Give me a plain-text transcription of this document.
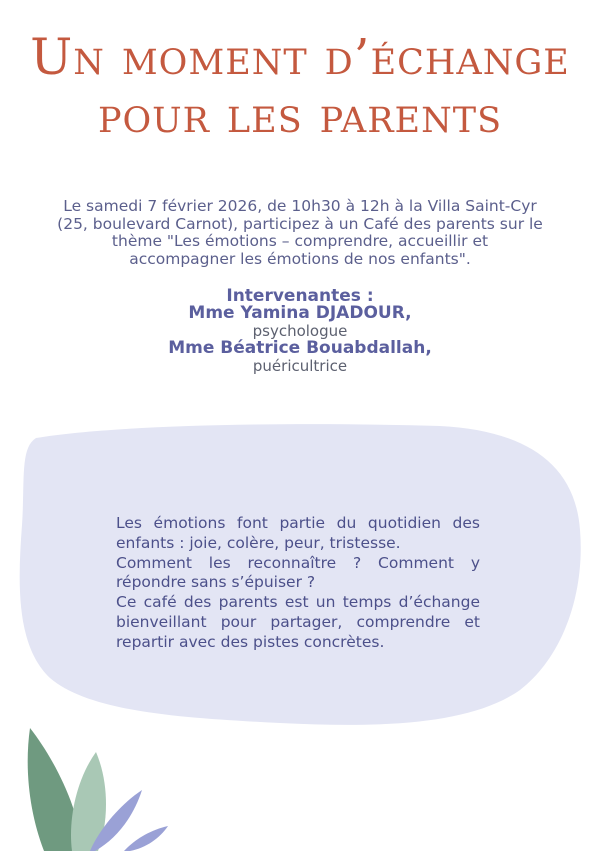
Un moment d’échange
pour les parents
Le samedi 7 février 2026, de 10h30 à 12h à la Villa Saint-Cyr
(25, boulevard Carnot), participez à un Café des parents sur le
thème "Les émotions – comprendre, accueillir et
accompagner les émotions de nos enfants".
Intervenantes :
Mme Yamina DJADOUR,
psychologue
Mme Béatrice Bouabdallah,
puéricultrice

Les émotions font partie du quotidien des enfants : joie, colère, peur, tristesse.

Comment les reconnaître ? Comment y répondre sans s’épuiser ?

Ce café des parents est un temps d’échange bienveillant pour partager, comprendre et repartir avec des pistes concrètes.
